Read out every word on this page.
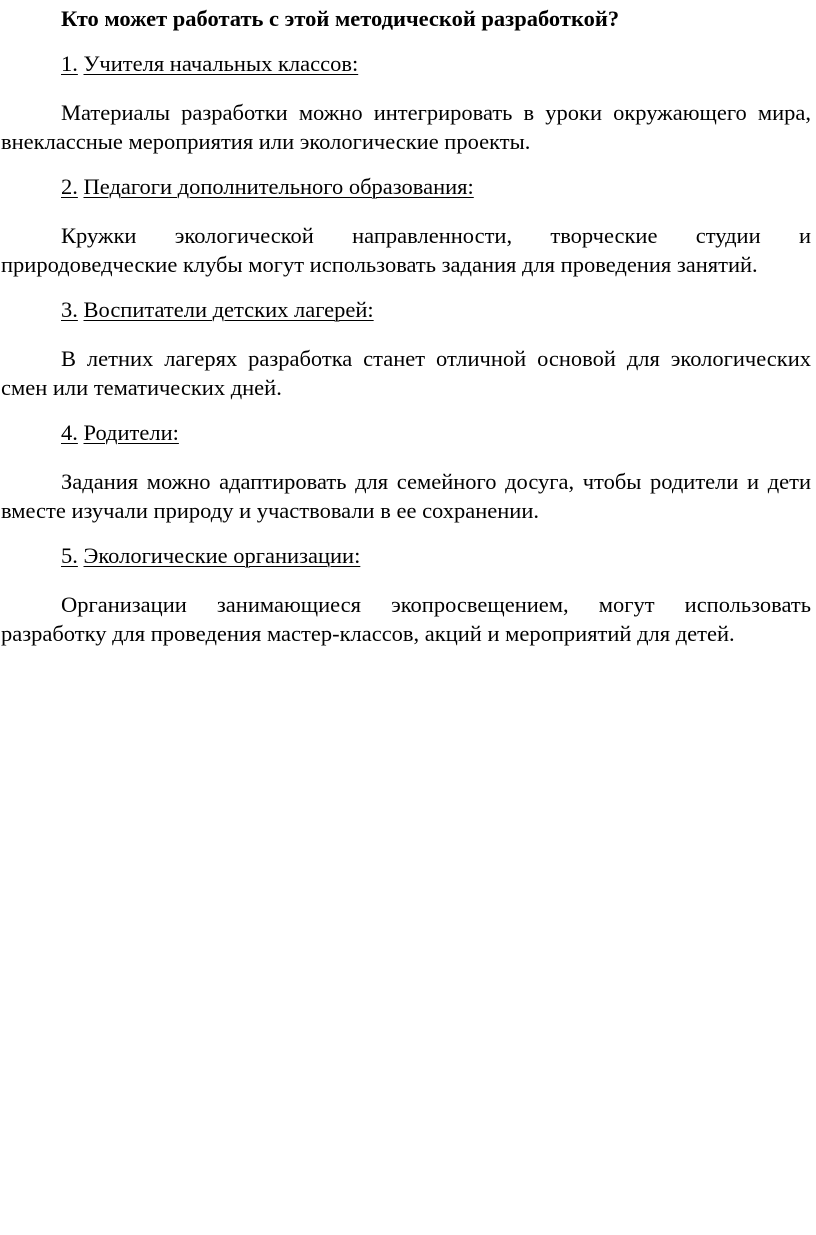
Кто может работать с этой методической разработкой?

1. Учителя начальных классов:

Материалы разработки можно интегрировать в уроки окружающего мира, внеклассные мероприятия или экологические проекты.

2. Педагоги дополнительного образования:

Кружки экологической направленности, творческие студии и природоведческие клубы могут использовать задания для проведения занятий.

3. Воспитатели детских лагерей:

В летних лагерях разработка станет отличной основой для экологических смен или тематических дней.

4. Родители:

Задания можно адаптировать для семейного досуга, чтобы родители и дети вместе изучали природу и участвовали в ее сохранении.

5. Экологические организации:

Организации занимающиеся экопросвещением, могут использовать разработку для проведения мастер-классов, акций и мероприятий для детей.
